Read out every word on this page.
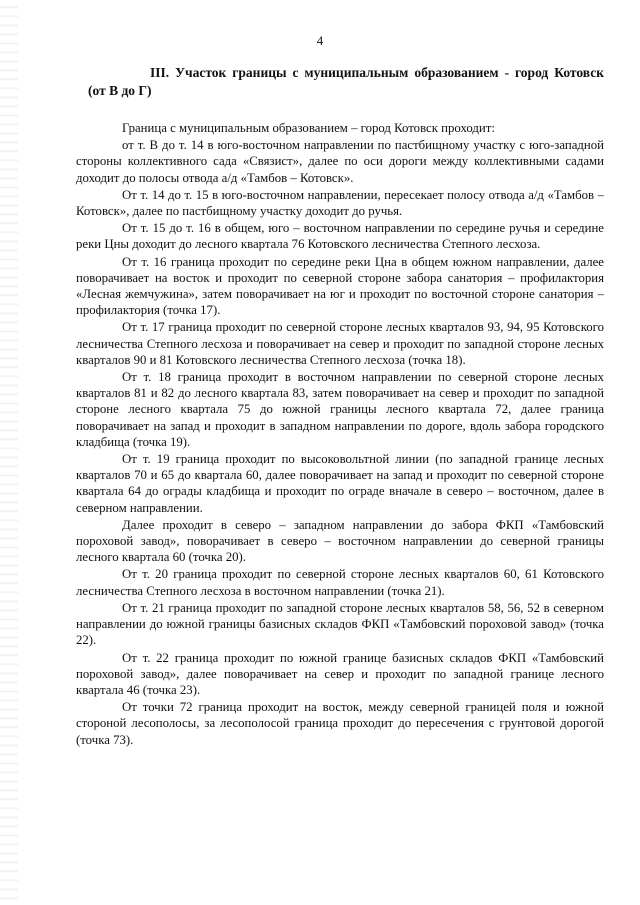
4

III. Участок границы с муниципальным образованием - город Котовск (от В до Г)

Граница с муниципальным образованием – город Котовск проходит:

от т. В до т. 14 в юго-восточном направлении по пастбищному участку с юго-западной стороны коллективного сада «Связист», далее по оси дороги между коллективными садами доходит до полосы отвода а/д «Тамбов – Котовск».

От т. 14 до т. 15 в юго-восточном направлении, пересекает полосу отвода а/д «Тамбов – Котовск», далее по пастбищному участку доходит до ручья.

От т. 15 до т. 16 в общем, юго – восточном направлении по середине ручья и середине реки Цны доходит до лесного квартала 76 Котовского лесничества Степного лесхоза.

От т. 16 граница проходит по середине реки Цна в общем южном направлении, далее поворачивает на восток и проходит по северной стороне забора санатория – профилактория «Лесная жемчужина», затем поворачивает на юг и проходит по восточной стороне санатория – профилактория (точка 17).

От т. 17 граница проходит по северной стороне лесных кварталов 93, 94, 95 Котовского лесничества Степного лесхоза и поворачивает на север и проходит по западной стороне лесных кварталов 90 и 81 Котовского лесничества Степного лесхоза (точка 18).

От т. 18 граница проходит в восточном направлении по северной стороне лесных кварталов 81 и 82 до лесного квартала 83, затем поворачивает на север и проходит по западной стороне лесного квартала 75 до южной границы лесного квартала 72, далее граница поворачивает на запад и проходит в западном направлении по дороге, вдоль забора городского кладбища (точка 19).

От т. 19 граница проходит по высоковольтной линии (по западной границе лесных кварталов 70 и 65 до квартала 60, далее поворачивает на запад и проходит по северной стороне квартала 64 до ограды кладбища и проходит по ограде вначале в северо – восточном, далее в северном направлении.

Далее проходит в северо – западном направлении до забора ФКП «Тамбовский пороховой завод», поворачивает в северо – восточном направлении до северной границы лесного квартала 60 (точка 20).

От т. 20 граница проходит по северной стороне лесных кварталов 60, 61 Котовского лесничества Степного лесхоза в восточном направлении (точка 21).

От т. 21 граница проходит по западной стороне лесных кварталов 58, 56, 52 в северном направлении до южной границы базисных складов ФКП «Тамбовский пороховой завод» (точка 22).

От т. 22 граница проходит по южной границе базисных складов ФКП «Тамбовский пороховой завод», далее поворачивает на север и проходит по западной границе лесного квартала 46 (точка 23).

От точки 72 граница проходит на восток, между северной границей поля и южной стороной лесополосы, за лесополосой граница проходит до пересечения с грунтовой дорогой (точка 73).
